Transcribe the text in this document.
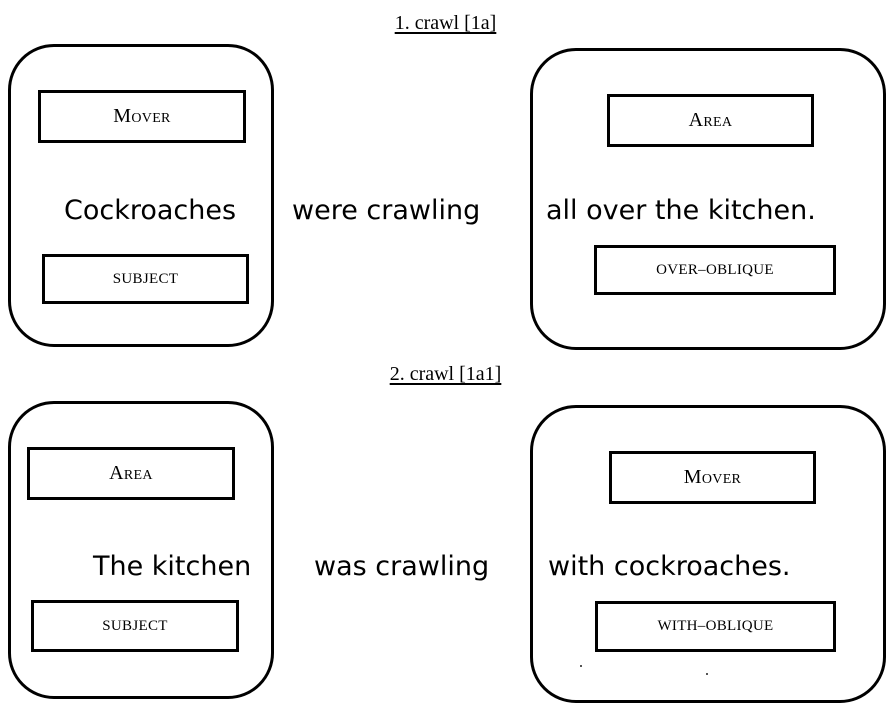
1. crawl [1a]
Mover
Cockroaches
SUBJECT
were crawling
Area
all over the kitchen.
OVER–OBLIQUE
2. crawl [1a1]
Area
The kitchen
SUBJECT
was crawling
Mover
with cockroaches.
WITH–OBLIQUE
